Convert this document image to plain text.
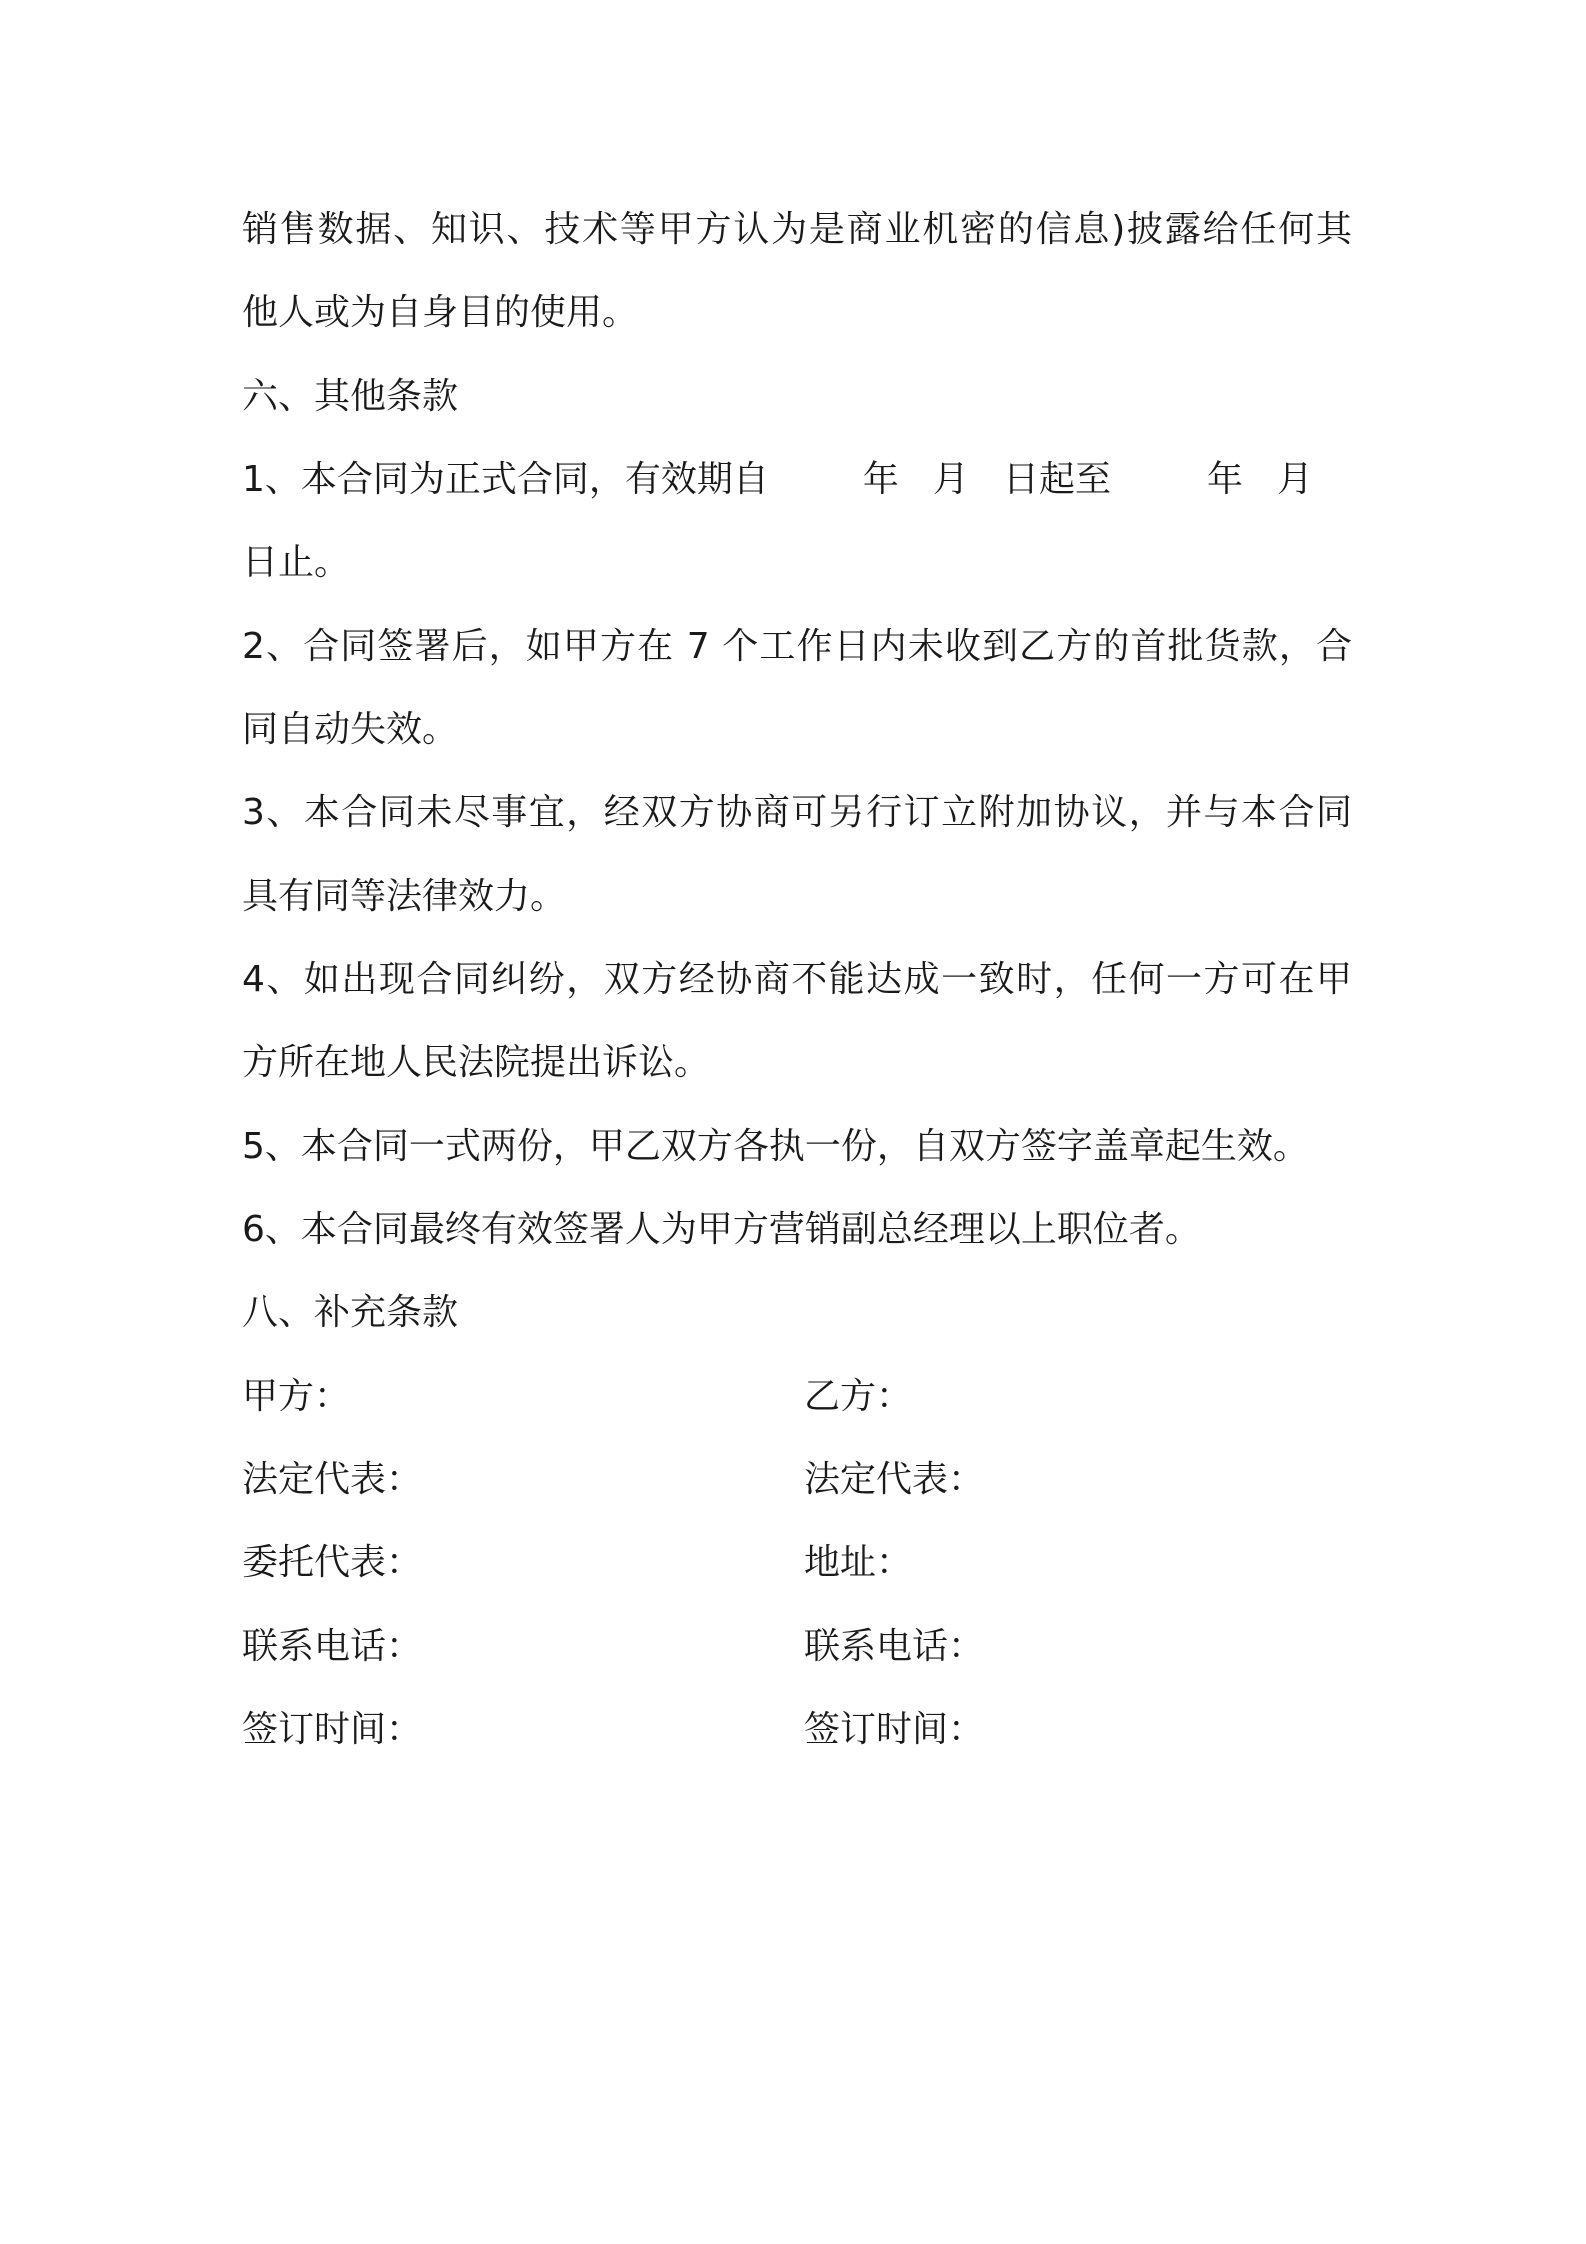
销售数据、知识、技术等甲方认为是商业机密的信息)披露给任何其
他人或为自身目的使用。
六、其他条款
1、本合同为正式合同，有效期自	年 月 日起至	年 月
日止。
2、合同签署后，如甲方在 7 个工作日内未收到乙方的首批货款，合
同自动失效。
3、本合同未尽事宜，经双方协商可另行订立附加协议，并与本合同
具有同等法律效力。
4、如出现合同纠纷，双方经协商不能达成一致时，任何一方可在甲
方所在地人民法院提出诉讼。
5、本合同一式两份，甲乙双方各执一份，自双方签字盖章起生效。
6、本合同最终有效签署人为甲方营销副总经理以上职位者。
八、补充条款
甲方：	乙方：
法定代表：	法定代表：
委托代表：	地址：
联系电话：	联系电话：
签订时间：	签订时间：
